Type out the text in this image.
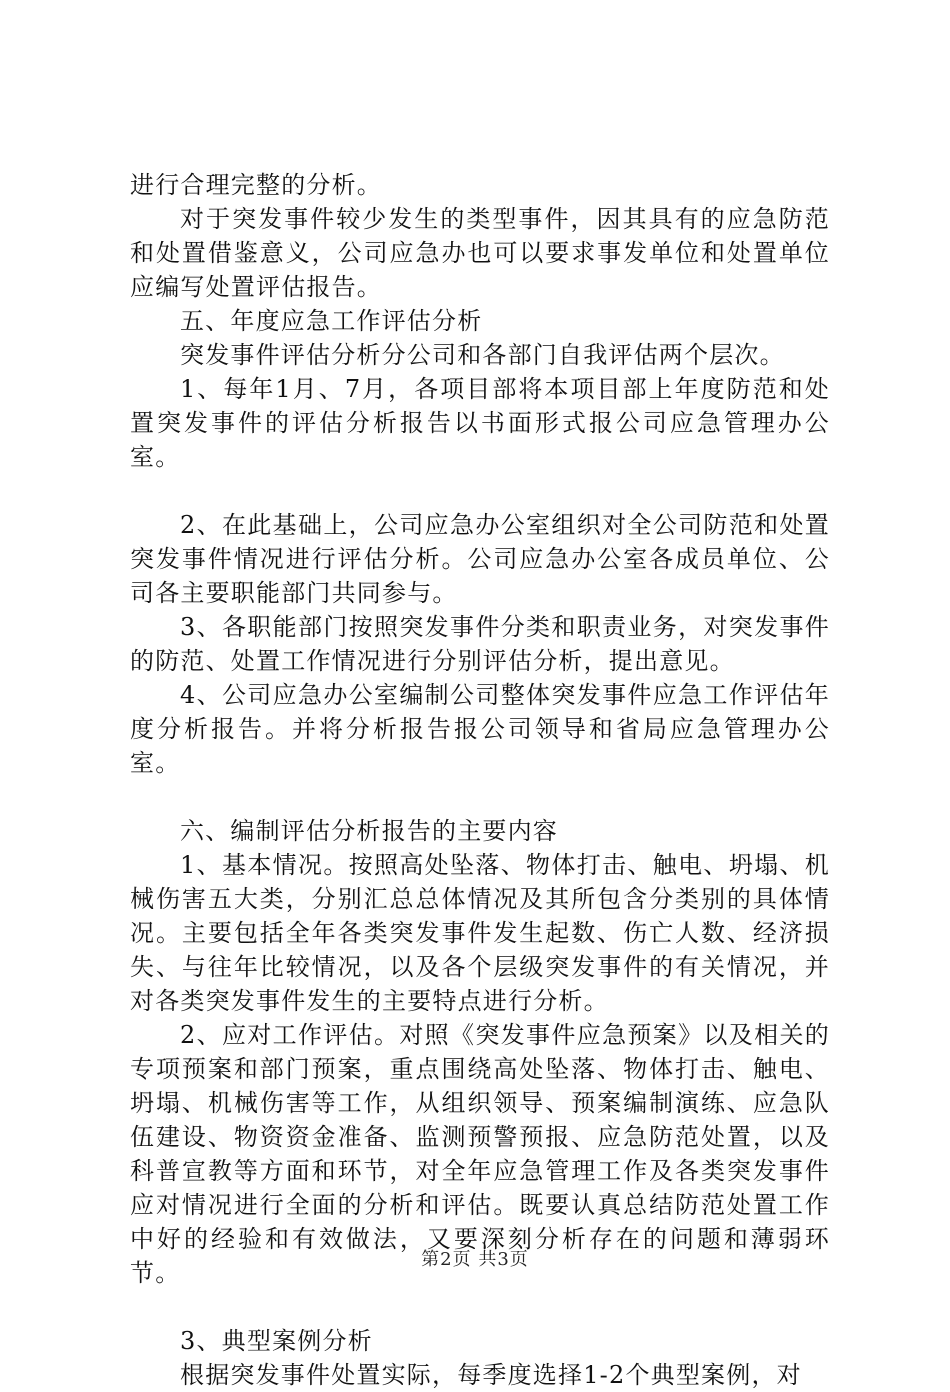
进行合理完整的分析。

对于突发事件较少发生的类型事件，因其具有的应急防范和处置借鉴意义，公司应急办也可以要求事发单位和处置单位应编写处置评估报告。

五、年度应急工作评估分析

突发事件评估分析分公司和各部门自我评估两个层次。

1、每年1月、7月，各项目部将本项目部上年度防范和处置突发事件的评估分析报告以书面形式报公司应急管理办公室。

2、在此基础上，公司应急办公室组织对全公司防范和处置突发事件情况进行评估分析。公司应急办公室各成员单位、公司各主要职能部门共同参与。

3、各职能部门按照突发事件分类和职责业务，对突发事件的防范、处置工作情况进行分别评估分析，提出意见。

4、公司应急办公室编制公司整体突发事件应急工作评估年度分析报告。并将分析报告报公司领导和省局应急管理办公室。

六、编制评估分析报告的主要内容

1、基本情况。按照高处坠落、物体打击、触电、坍塌、机械伤害五大类，分别汇总总体情况及其所包含分类别的具体情况。主要包括全年各类突发事件发生起数、伤亡人数、经济损失、与往年比较情况，以及各个层级突发事件的有关情况，并对各类突发事件发生的主要特点进行分析。

2、应对工作评估。对照《突发事件应急预案》以及相关的专项预案和部门预案，重点围绕高处坠落、物体打击、触电、坍塌、机械伤害等工作，从组织领导、预案编制演练、应急队伍建设、物资资金准备、监测预警预报、应急防范处置，以及科普宣教等方面和环节，对全年应急管理工作及各类突发事件应对情况进行全面的分析和评估。既要认真总结防范处置工作中好的经验和有效做法，又要深刻分析存在的问题和薄弱环节。

3、典型案例分析

根据突发事件处置实际，每季度选择1-2个典型案例，对

第2页 共3页
